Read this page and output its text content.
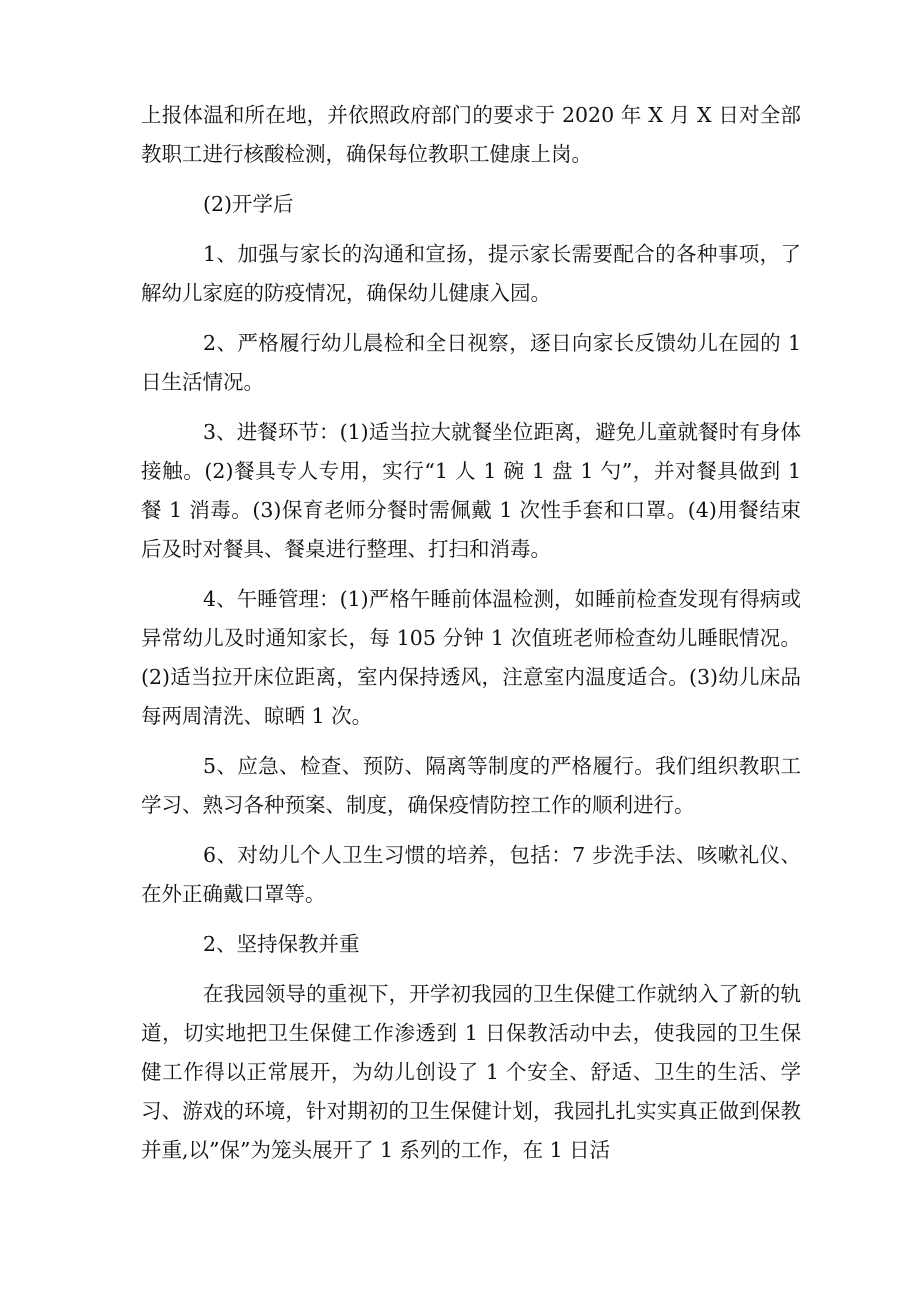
上报体温和所在地，并依照政府部门的要求于 2020 年 X 月 X 日对全部教职工进行核酸检测，确保每位教职工健康上岗。

(2)开学后

1、加强与家长的沟通和宣扬，提示家长需要配合的各种事项，了解幼儿家庭的防疫情况，确保幼儿健康入园。

2、严格履行幼儿晨检和全日视察，逐日向家长反馈幼儿在园的 1 日生活情况。

3、进餐环节：(1)适当拉大就餐坐位距离，避免儿童就餐时有身体接触。(2)餐具专人专用，实行“1 人 1 碗 1 盘 1 勺”，并对餐具做到 1 餐 1 消毒。(3)保育老师分餐时需佩戴 1 次性手套和口罩。(4)用餐结束后及时对餐具、餐桌进行整理、打扫和消毒。

4、午睡管理：(1)严格午睡前体温检测，如睡前检查发现有得病或异常幼儿及时通知家长，每 105 分钟 1 次值班老师检查幼儿睡眠情况。(2)适当拉开床位距离，室内保持透风，注意室内温度适合。(3)幼儿床品每两周清洗、晾晒 1 次。

5、应急、检查、预防、隔离等制度的严格履行。我们组织教职工学习、熟习各种预案、制度，确保疫情防控工作的顺利进行。

6、对幼儿个人卫生习惯的培养，包括：7 步洗手法、咳嗽礼仪、在外正确戴口罩等。

2、坚持保教并重

在我园领导的重视下，开学初我园的卫生保健工作就纳入了新的轨道，切实地把卫生保健工作渗透到 1 日保教活动中去，使我园的卫生保健工作得以正常展开，为幼儿创设了 1 个安全、舒适、卫生的生活、学习、游戏的环境，针对期初的卫生保健计划，我园扎扎实实真正做到保教并重,以”保”为笼头展开了 1 系列的工作，在 1 日活
